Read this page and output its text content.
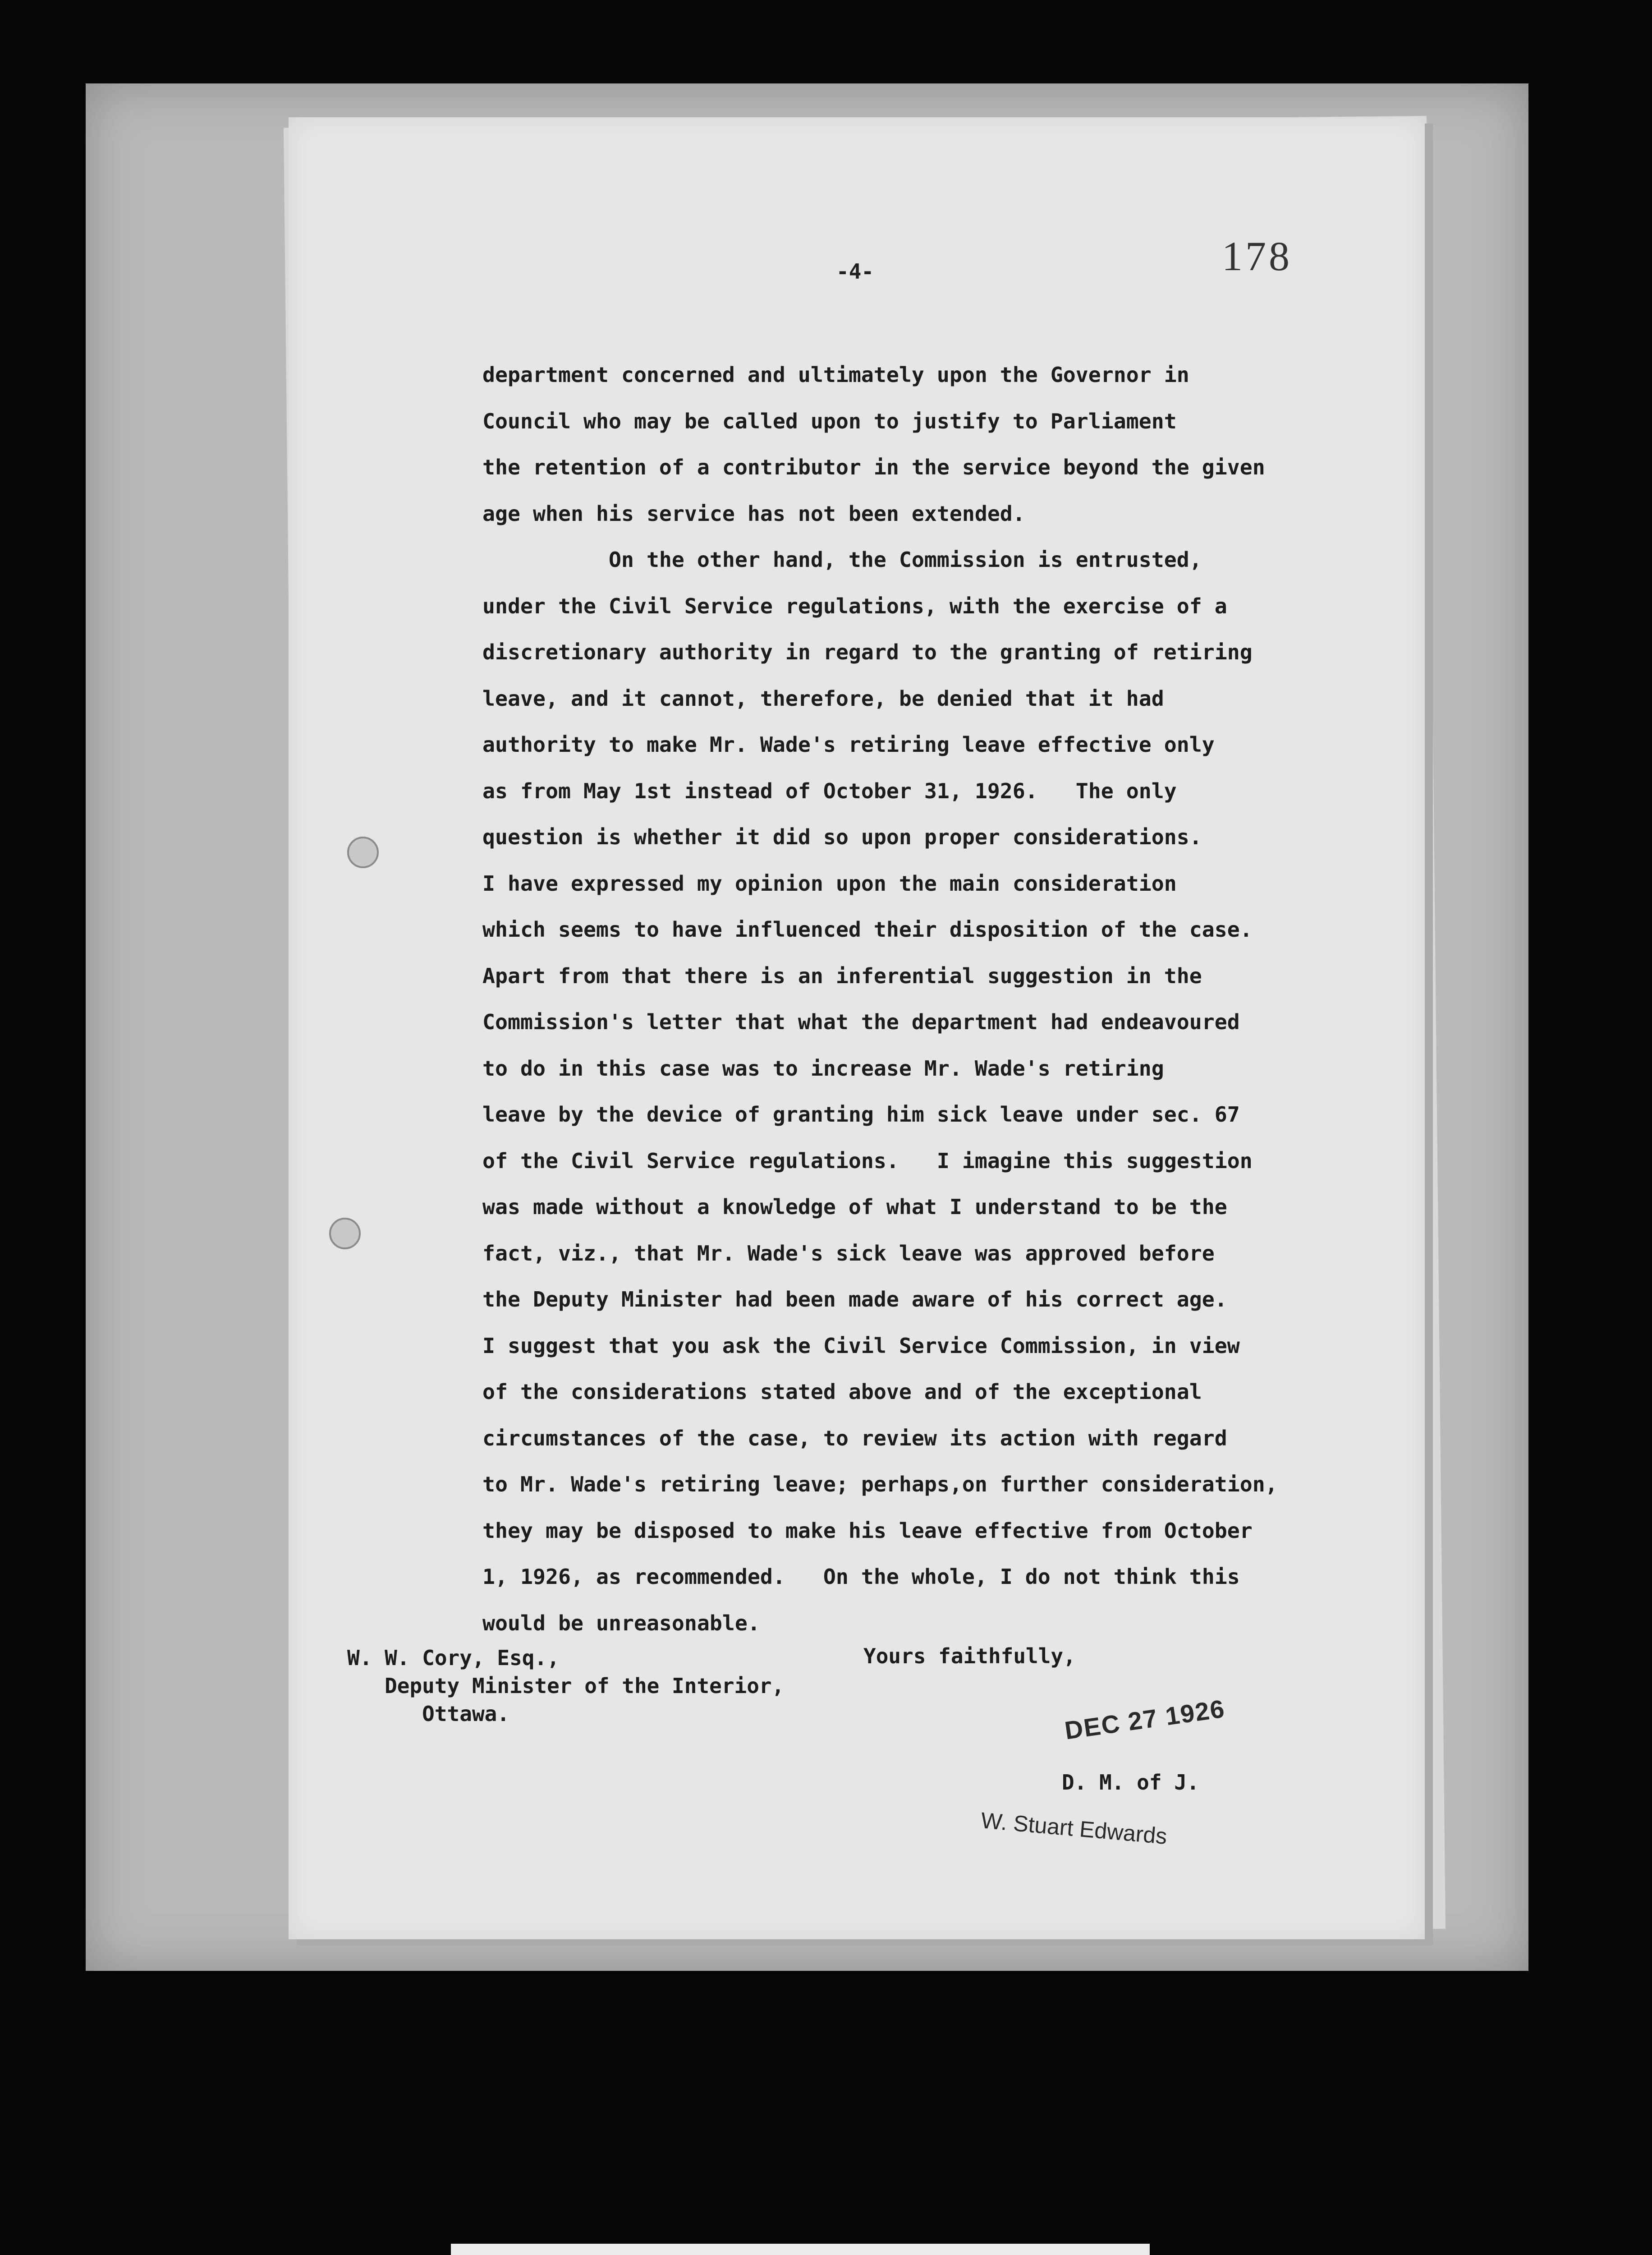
-4-	178
department concerned and ultimately upon the Governor in
Council who may be called upon to justify to Parliament
the retention of a contributor in the service beyond the given
age when his service has not been extended.
On the other hand, the Commission is entrusted,
under the Civil Service regulations, with the exercise of a
discretionary authority in regard to the granting of retiring
leave, and it cannot, therefore, be denied that it had
authority to make Mr. Wade's retiring leave effective only
as from May 1st instead of October 31, 1926.   The only
question is whether it did so upon proper considerations.
I have expressed my opinion upon the main consideration
which seems to have influenced their disposition of the case.
Apart from that there is an inferential suggestion in the
Commission's letter that what the department had endeavoured
to do in this case was to increase Mr. Wade's retiring
leave by the device of granting him sick leave under sec. 67
of the Civil Service regulations.   I imagine this suggestion
was made without a knowledge of what I understand to be the
fact, viz., that Mr. Wade's sick leave was approved before
the Deputy Minister had been made aware of his correct age.
I suggest that you ask the Civil Service Commission, in view
of the considerations stated above and of the exceptional
circumstances of the case, to review its action with regard
to Mr. Wade's retiring leave; perhaps,on further consideration,
they may be disposed to make his leave effective from October
1, 1926, as recommended.   On the whole, I do not think this
would be unreasonable.
Yours faithfully,
W. W. Cory, Esq.,
Deputy Minister of the Interior,
Ottawa.	DEC 27 1926
D. M. of J.
W. Stuart Edwards
